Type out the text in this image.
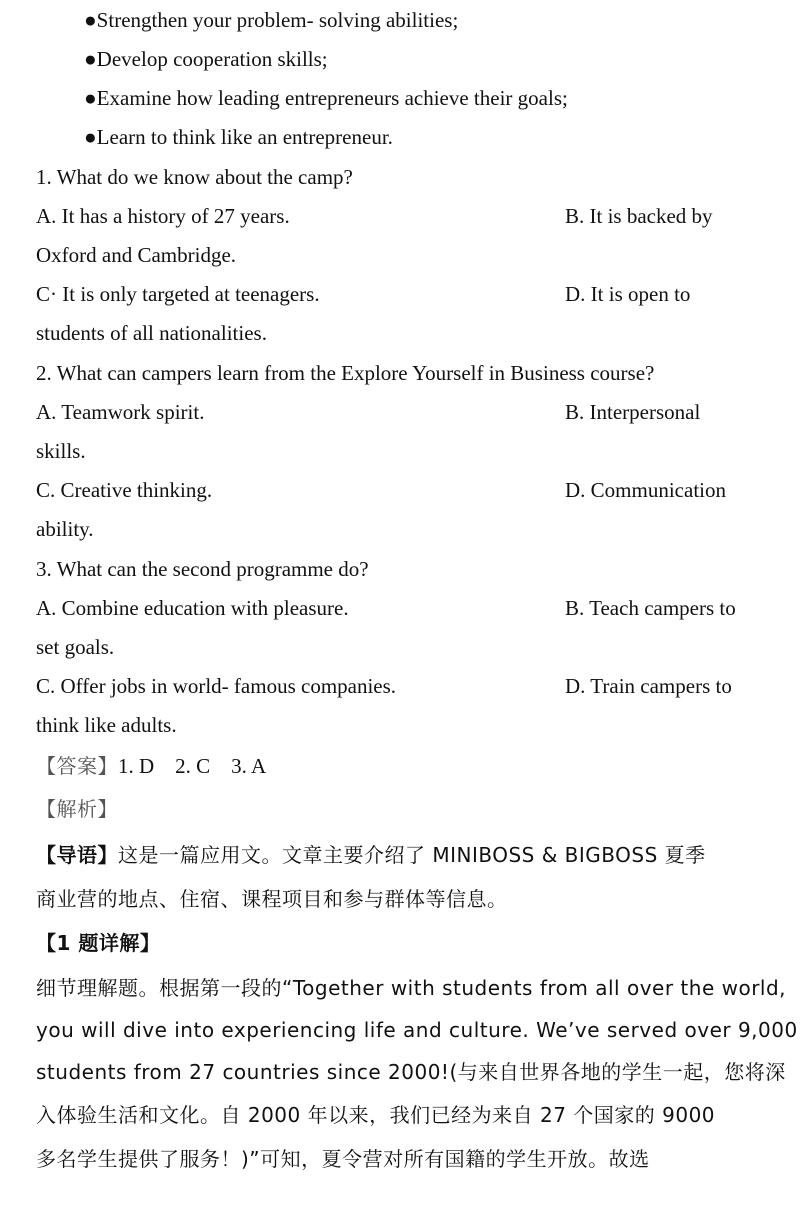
●Strengthen your problem- solving abilities;
●Develop cooperation skills;
●Examine how leading entrepreneurs achieve their goals;
●Learn to think like an entrepreneur.
1. What do we know about the camp?
A. It has a history of 27 years.	B. It is backed by
Oxford and Cambridge.
C· It is only targeted at teenagers.	D. It is open to
students of all nationalities.
2. What can campers learn from the Explore Yourself in Business course?
A. Teamwork spirit.	B. Interpersonal
skills.
C. Creative thinking.	D. Communication
ability.
3. What can the second programme do?
A. Combine education with pleasure.	B. Teach campers to
set goals.
C. Offer jobs in world- famous companies.	D. Train campers to
think like adults.
【答案】1. D    2. C    3. A
【解析】
【导语】这是一篇应用文。文章主要介绍了 MINIBOSS & BIGBOSS 夏季
商业营的地点、住宿、课程项目和参与群体等信息。
【1 题详解】
细节理解题。根据第一段的“Together with students from all over the world,
you will dive into experiencing life and culture. We’ve served over 9,000
students from 27 countries since 2000!(与来自世界各地的学生一起，您将深
入体验生活和文化。自 2000 年以来，我们已经为来自 27 个国家的 9000
多名学生提供了服务！)”可知，夏令营对所有国籍的学生开放。故选
